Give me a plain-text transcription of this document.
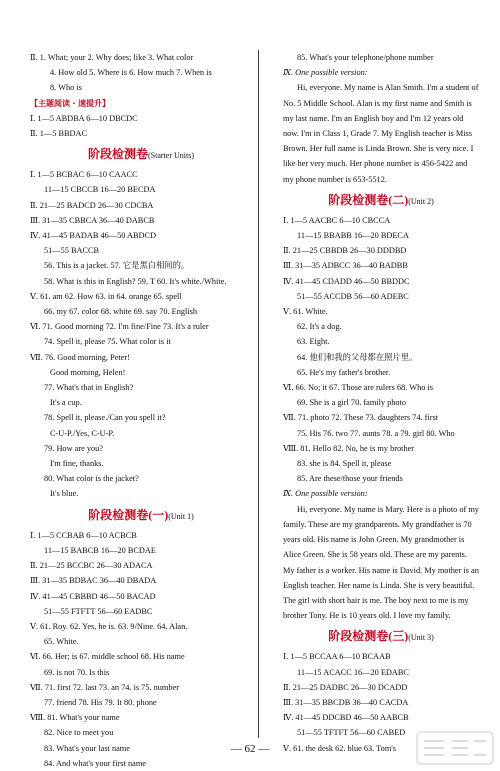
Ⅱ. 1. What; your 2. Why does; like 3. What color
4. How old 5. Where is 6. How much 7. When is
8. Who is
【主题阅读・速提升】
Ⅰ. 1—5 ABDBA 6—10 DBCDC
Ⅱ. 1—5 BBDAC
阶段检测卷(Starter Units)
Ⅰ. 1—5 BCBAC 6—10 CAACC
11—15 CBCCB 16—20 BECDA
Ⅱ. 21—25 BADCD 26—30 CDCBA
Ⅲ. 31—35 CBBCA 36—40 DABCB
Ⅳ. 41—45 BADAB 46—50 ABDCD
51—55 BACCB
56. This is a jacket. 57. 它是黑白相间的。
58. What is this in English? 59. T 60. It's white./White.
Ⅴ. 61. am 62. How 63. in 64. orange 65. spell
66. my 67. color 68. white 69. say 70. English
Ⅵ. 71. Good morning 72. I'm fine/Fine 73. It's a ruler
74. Spell it, please 75. What color is it
Ⅶ. 76. Good morning, Peter!
Good morning, Helen!
77. What's that in English?
It's a cup.
78. Spell it, please./Can you spell it?
C-U-P./Yes, C-U-P.
79. How are you?
I'm fine, thanks.
80. What color is the jacket?
It's blue.
阶段检测卷(一)(Unit 1)
Ⅰ. 1—5 CCBAB 6—10 ACBCB
11—15 BABCB 16—20 BCDAE
Ⅱ. 21—25 BCCBC 26—30 ADACA
Ⅲ. 31—35 BDBAC 36—40 DBADA
Ⅳ. 41—45 CBBBD 46—50 BACAD
51—55 FTFTT 56—60 EADBC
Ⅴ. 61. Roy. 62. Yes, he is. 63. 9/Nine. 64. Alan.
65. White.
Ⅵ. 66. Her; is 67. middle school 68. His name
69. is not 70. Is this
Ⅶ. 71. first 72. last 73. an 74. is 75. number
77. friend 78. His 79. It 80. phone
Ⅷ. 81. What's your name
82. Nice to meet you
83. What's your last name
84. And what's your first name
85. What's your telephone/phone number
Ⅸ. One possible version:
Hi, everyone. My name is Alan Smith. I'm a student of No. 5 Middle School. Alan is my first name and Smith is my last name. I'm an English boy and I'm 12 years old now. I'm in Class 1, Grade 7. My English teacher is Miss Brown. Her full name is Linda Brown. She is very nice. I like her very much. Her phone number is 456-5422 and my phone number is 653-5512.
阶段检测卷(二)(Unit 2)
Ⅰ. 1—5 AACBC 6—10 CBCCA
11—15 BBABB 16—20 BDECA
Ⅱ. 21—25 CBBDB 26—30 DDDBD
Ⅲ. 31—35 ADBCC 36—40 BADBB
Ⅳ. 41—45 CDADD 46—50 BBDDC
51—55 ACCDB 56—60 ADEBC
Ⅴ. 61. White.
62. It's a dog.
63. Eight.
64. 他们和我的父母都在照片里。
65. He's my father's brother.
Ⅵ. 66. No; it 67. Those are rulers 68. Who is
69. She is a girl 70. family photo
Ⅶ. 71. photo 72. These 73. daughters 74. first
75. His 76. two 77. aunts 78. a 79. girl 80. Who
Ⅷ. 81. Hello 82. No, he is my brother
83. she is 84. Spell it, please
85. Are these/those your friends
Ⅸ. One possible version:
Hi, everyone. My name is Mary. Here is a photo of my family. These are my grandparents. My grandfather is 70 years old. His name is John Green. My grandmother is Alice Green. She is 58 years old. These are my parents. My father is a worker. His name is David. My mother is an English teacher. Her name is Linda. She is very beautiful. The girl with short hair is me. The boy next to me is my brother Tony. He is 10 years old. I love my family.
阶段检测卷(三)(Unit 3)
Ⅰ. 1—5 BCCAA 6—10 BCAAB
11—15 ACACC 16—20 EDABC
Ⅱ. 21—25 DADBC 26—30 DCADD
Ⅲ. 31—35 BBCDB 36—40 CACDA
Ⅳ. 41—45 DDCBD 46—50 AABCB
51—55 TFTFT 56—60 CABED
Ⅴ. 61. the desk 62. blue 63. Tom's
— 62 —
